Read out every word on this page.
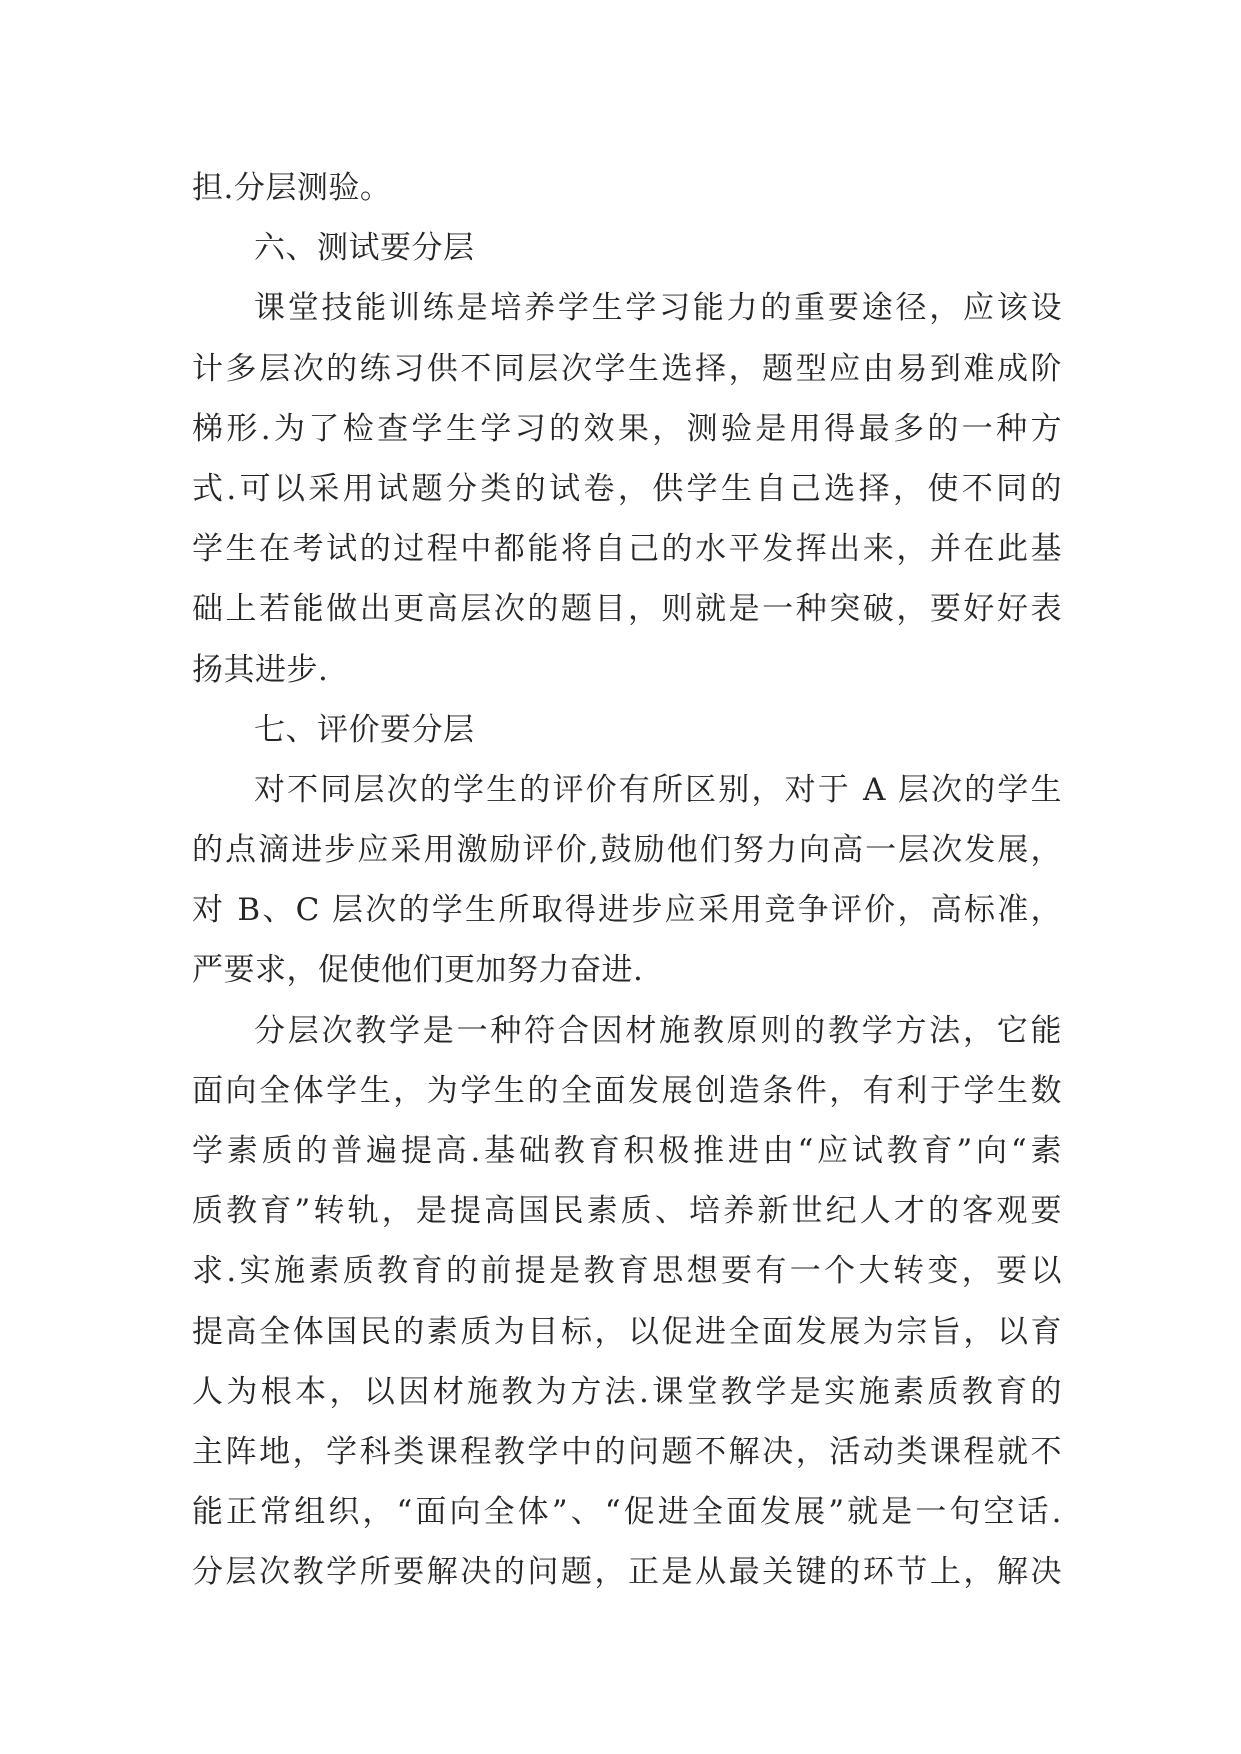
担.分层测验。
六、测试要分层
课堂技能训练是培养学生学习能力的重要途径，应该设
计多层次的练习供不同层次学生选择，题型应由易到难成阶
梯形.为了检查学生学习的效果，测验是用得最多的一种方
式.可以采用试题分类的试卷，供学生自己选择，使不同的
学生在考试的过程中都能将自己的水平发挥出来，并在此基
础上若能做出更高层次的题目，则就是一种突破，要好好表
扬其进步.
七、评价要分层
对不同层次的学生的评价有所区别，对于 A 层次的学生
的点滴进步应采用激励评价,鼓励他们努力向高一层次发展，
对 B、C 层次的学生所取得进步应采用竞争评价，高标准，
严要求，促使他们更加努力奋进.
分层次教学是一种符合因材施教原则的教学方法，它能
面向全体学生，为学生的全面发展创造条件，有利于学生数
学素质的普遍提高.基础教育积极推进由“应试教育”向“素
质教育”转轨，是提高国民素质、培养新世纪人才的客观要
求.实施素质教育的前提是教育思想要有一个大转变，要以
提高全体国民的素质为目标，以促进全面发展为宗旨，以育
人为根本，以因材施教为方法.课堂教学是实施素质教育的
主阵地，学科类课程教学中的问题不解决，活动类课程就不
能正常组织，“面向全体”、“促进全面发展”就是一句空话.
分层次教学所要解决的问题，正是从最关键的环节上，解决
